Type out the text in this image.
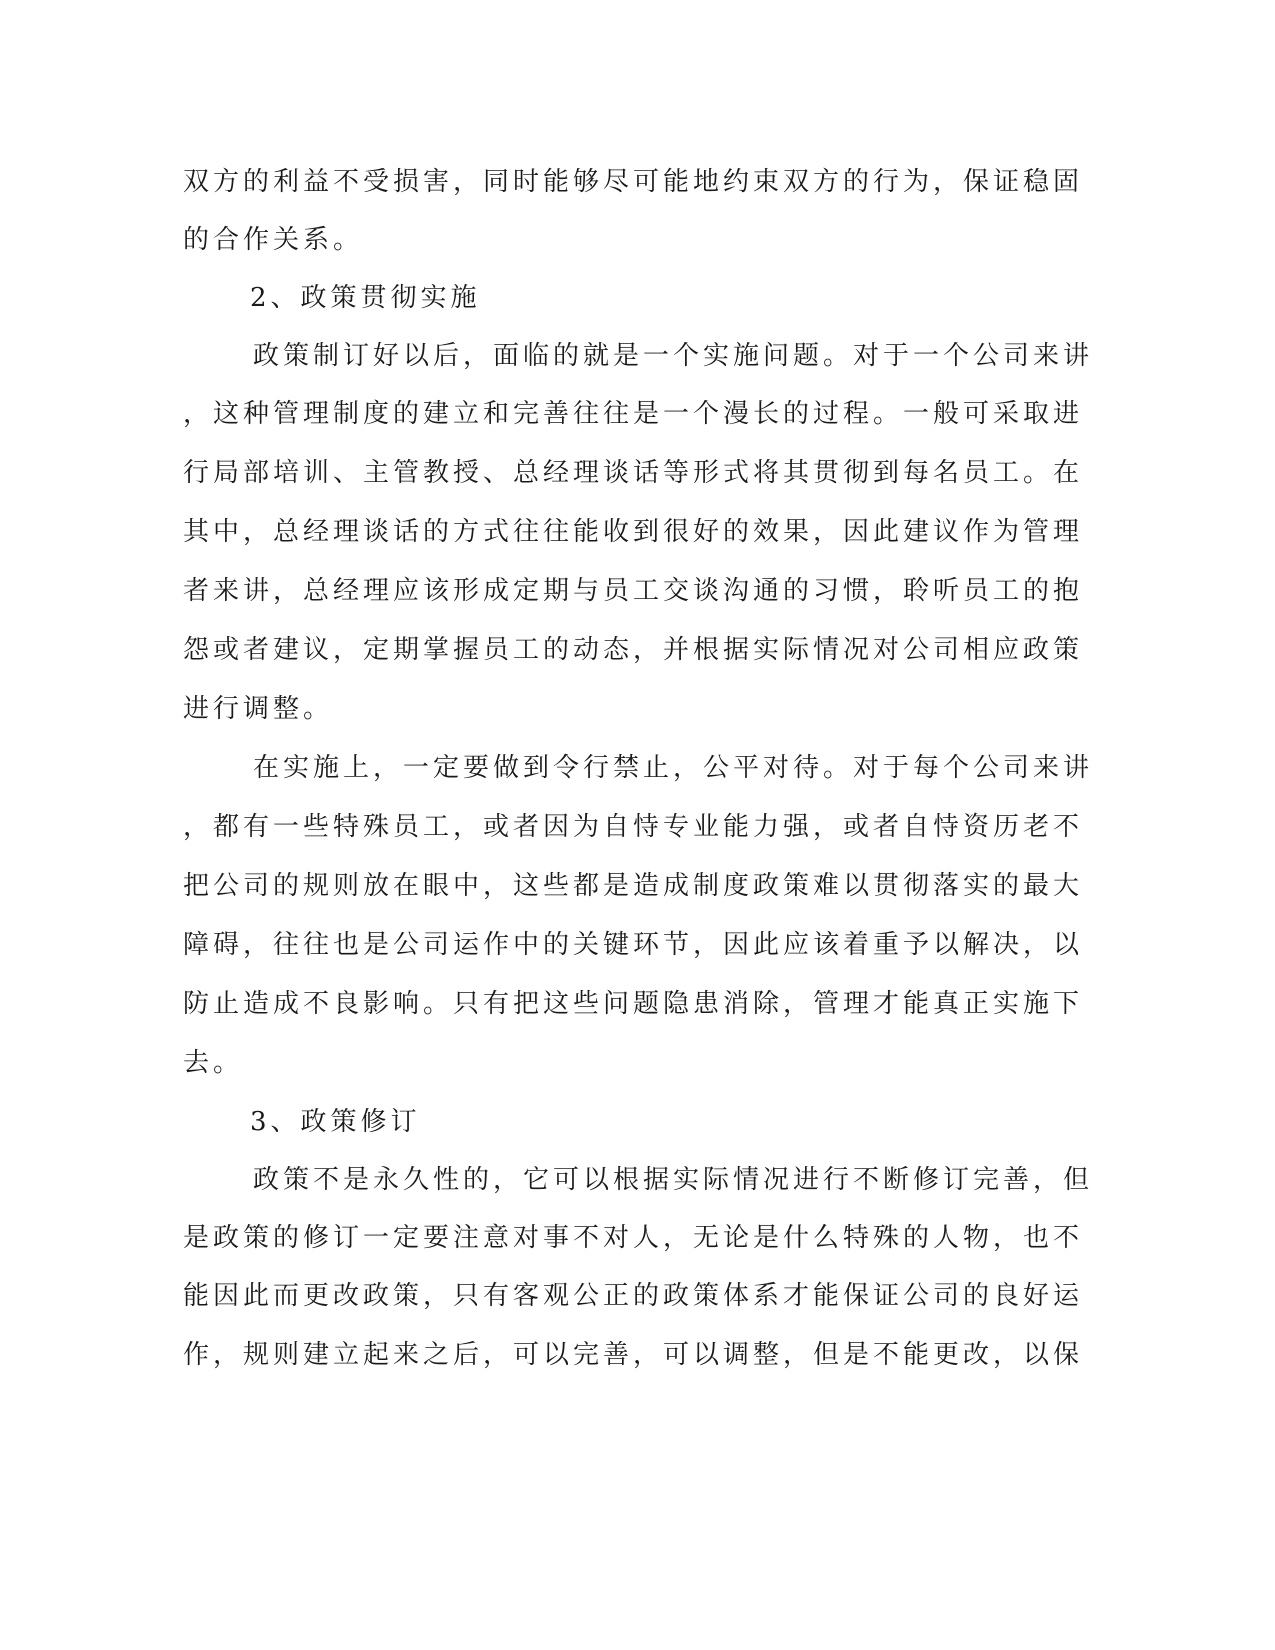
双方的利益不受损害，同时能够尽可能地约束双方的行为，保证稳固

的合作关系。

2、政策贯彻实施

政策制订好以后，面临的就是一个实施问题。对于一个公司来讲

，这种管理制度的建立和完善往往是一个漫长的过程。一般可采取进

行局部培训、主管教授、总经理谈话等形式将其贯彻到每名员工。在

其中，总经理谈话的方式往往能收到很好的效果，因此建议作为管理

者来讲，总经理应该形成定期与员工交谈沟通的习惯，聆听员工的抱

怨或者建议，定期掌握员工的动态，并根据实际情况对公司相应政策

进行调整。

在实施上，一定要做到令行禁止，公平对待。对于每个公司来讲

，都有一些特殊员工，或者因为自恃专业能力强，或者自恃资历老不

把公司的规则放在眼中，这些都是造成制度政策难以贯彻落实的最大

障碍，往往也是公司运作中的关键环节，因此应该着重予以解决，以

防止造成不良影响。只有把这些问题隐患消除，管理才能真正实施下

去。

3、政策修订

政策不是永久性的，它可以根据实际情况进行不断修订完善，但

是政策的修订一定要注意对事不对人，无论是什么特殊的人物，也不

能因此而更改政策，只有客观公正的政策体系才能保证公司的良好运

作，规则建立起来之后，可以完善，可以调整，但是不能更改，以保
